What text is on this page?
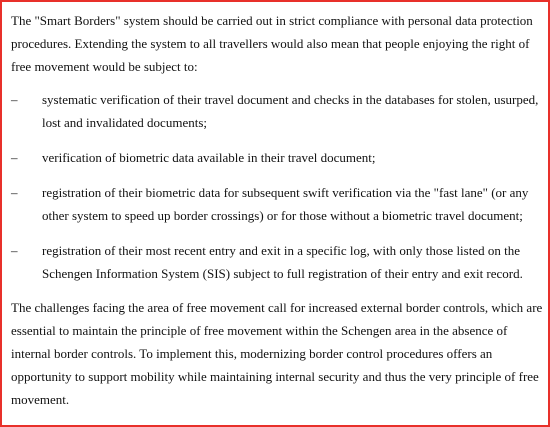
The "Smart Borders" system should be carried out in strict compliance with personal data protection procedures. Extending the system to all travellers would also mean that people enjoying the right of free movement would be subject to:

– systematic verification of their travel document and checks in the databases for stolen, usurped, lost and invalidated documents;
– verification of biometric data available in their travel document;
– registration of their biometric data for subsequent swift verification via the "fast lane" (or any other system to speed up border crossings) or for those without a biometric travel document;
– registration of their most recent entry and exit in a specific log, with only those listed on the Schengen Information System (SIS) subject to full registration of their entry and exit record.

The challenges facing the area of free movement call for increased external border controls, which are essential to maintain the principle of free movement within the Schengen area in the absence of internal border controls. To implement this, modernizing border control procedures offers an opportunity to support mobility while maintaining internal security and thus the very principle of free movement.
